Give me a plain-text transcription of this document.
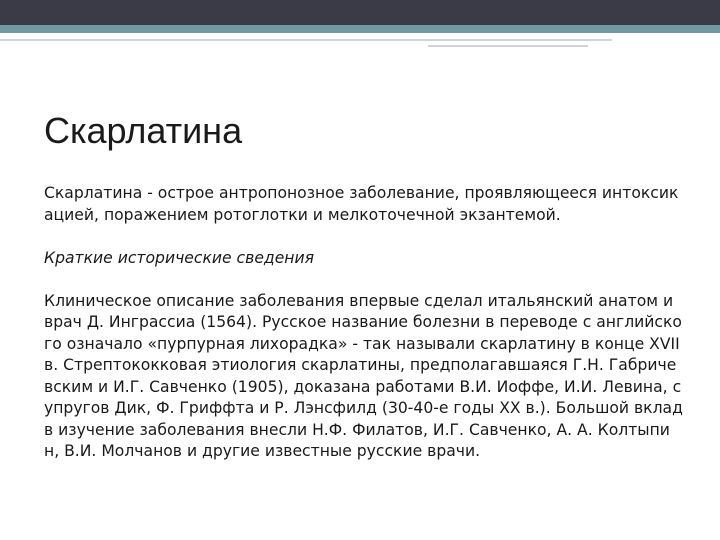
Скарлатина

Скарлатина - острое антропонозное заболевание, проявляющееся интоксикацией, поражением ротоглотки и мелкоточечной экзантемой.

Краткие исторические сведения

Клиническое описание заболевания впервые сделал итальянский анатом и врач Д. Инграссиа (1564). Русское название болезни в переводе с английского означало «пурпурная лихорадка» - так называли скарлатину в конце XVII в. Стрептококковая этиология скарлатины, предполагавшаяся Г.Н. Габричевским и И.Г. Савченко (1905), доказана работами В.И. Иоффе, И.И. Левина, супругов Дик, Ф. Гриффта и Р. Лэнсфилд (30-40-е годы XX в.). Большой вклад в изучение заболевания внесли Н.Ф. Филатов, И.Г. Савченко, А. А. Колтыпин, В.И. Молчанов и другие известные русские врачи.
